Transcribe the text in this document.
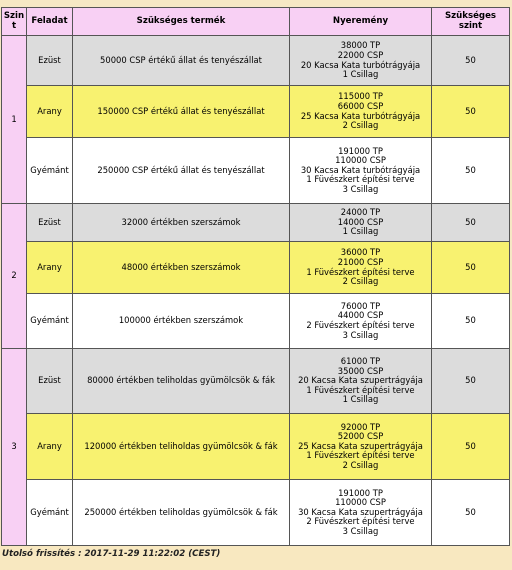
Szint	Feladat	Szükséges termék	Nyeremény	Szükséges szint
1	Ezüst	50000 CSP értékű állat és tenyészállat	38000 TP
22000 CSP
20 Kacsa Kata turbótrágyája
1 Csillag	50
	Arany	150000 CSP értékű állat és tenyészállat	115000 TP
66000 CSP
25 Kacsa Kata turbótrágyája
2 Csillag	50
	Gyémánt	250000 CSP értékű állat és tenyészállat	191000 TP
110000 CSP
30 Kacsa Kata turbótrágyája
1 Füvészkert építési terve
3 Csillag	50
2	Ezüst	32000 értékben szerszámok	24000 TP
14000 CSP
1 Csillag	50
	Arany	48000 értékben szerszámok	36000 TP
21000 CSP
1 Füvészkert építési terve
2 Csillag	50
	Gyémánt	100000 értékben szerszámok	76000 TP
44000 CSP
2 Füvészkert építési terve
3 Csillag	50
3	Ezüst	80000 értékben teliholdas gyümölcsök & fák	61000 TP
35000 CSP
20 Kacsa Kata szupertrágyája
1 Füvészkert építési terve
1 Csillag	50
	Arany	120000 értékben teliholdas gyümölcsök & fák	92000 TP
52000 CSP
25 Kacsa Kata szupertrágyája
1 Füvészkert építési terve
2 Csillag	50
	Gyémánt	250000 értékben teliholdas gyümölcsök & fák	191000 TP
110000 CSP
30 Kacsa Kata szupertrágyája
2 Füvészkert építési terve
3 Csillag	50
Utolsó frissítés : 2017-11-29 11:22:02 (CEST)
